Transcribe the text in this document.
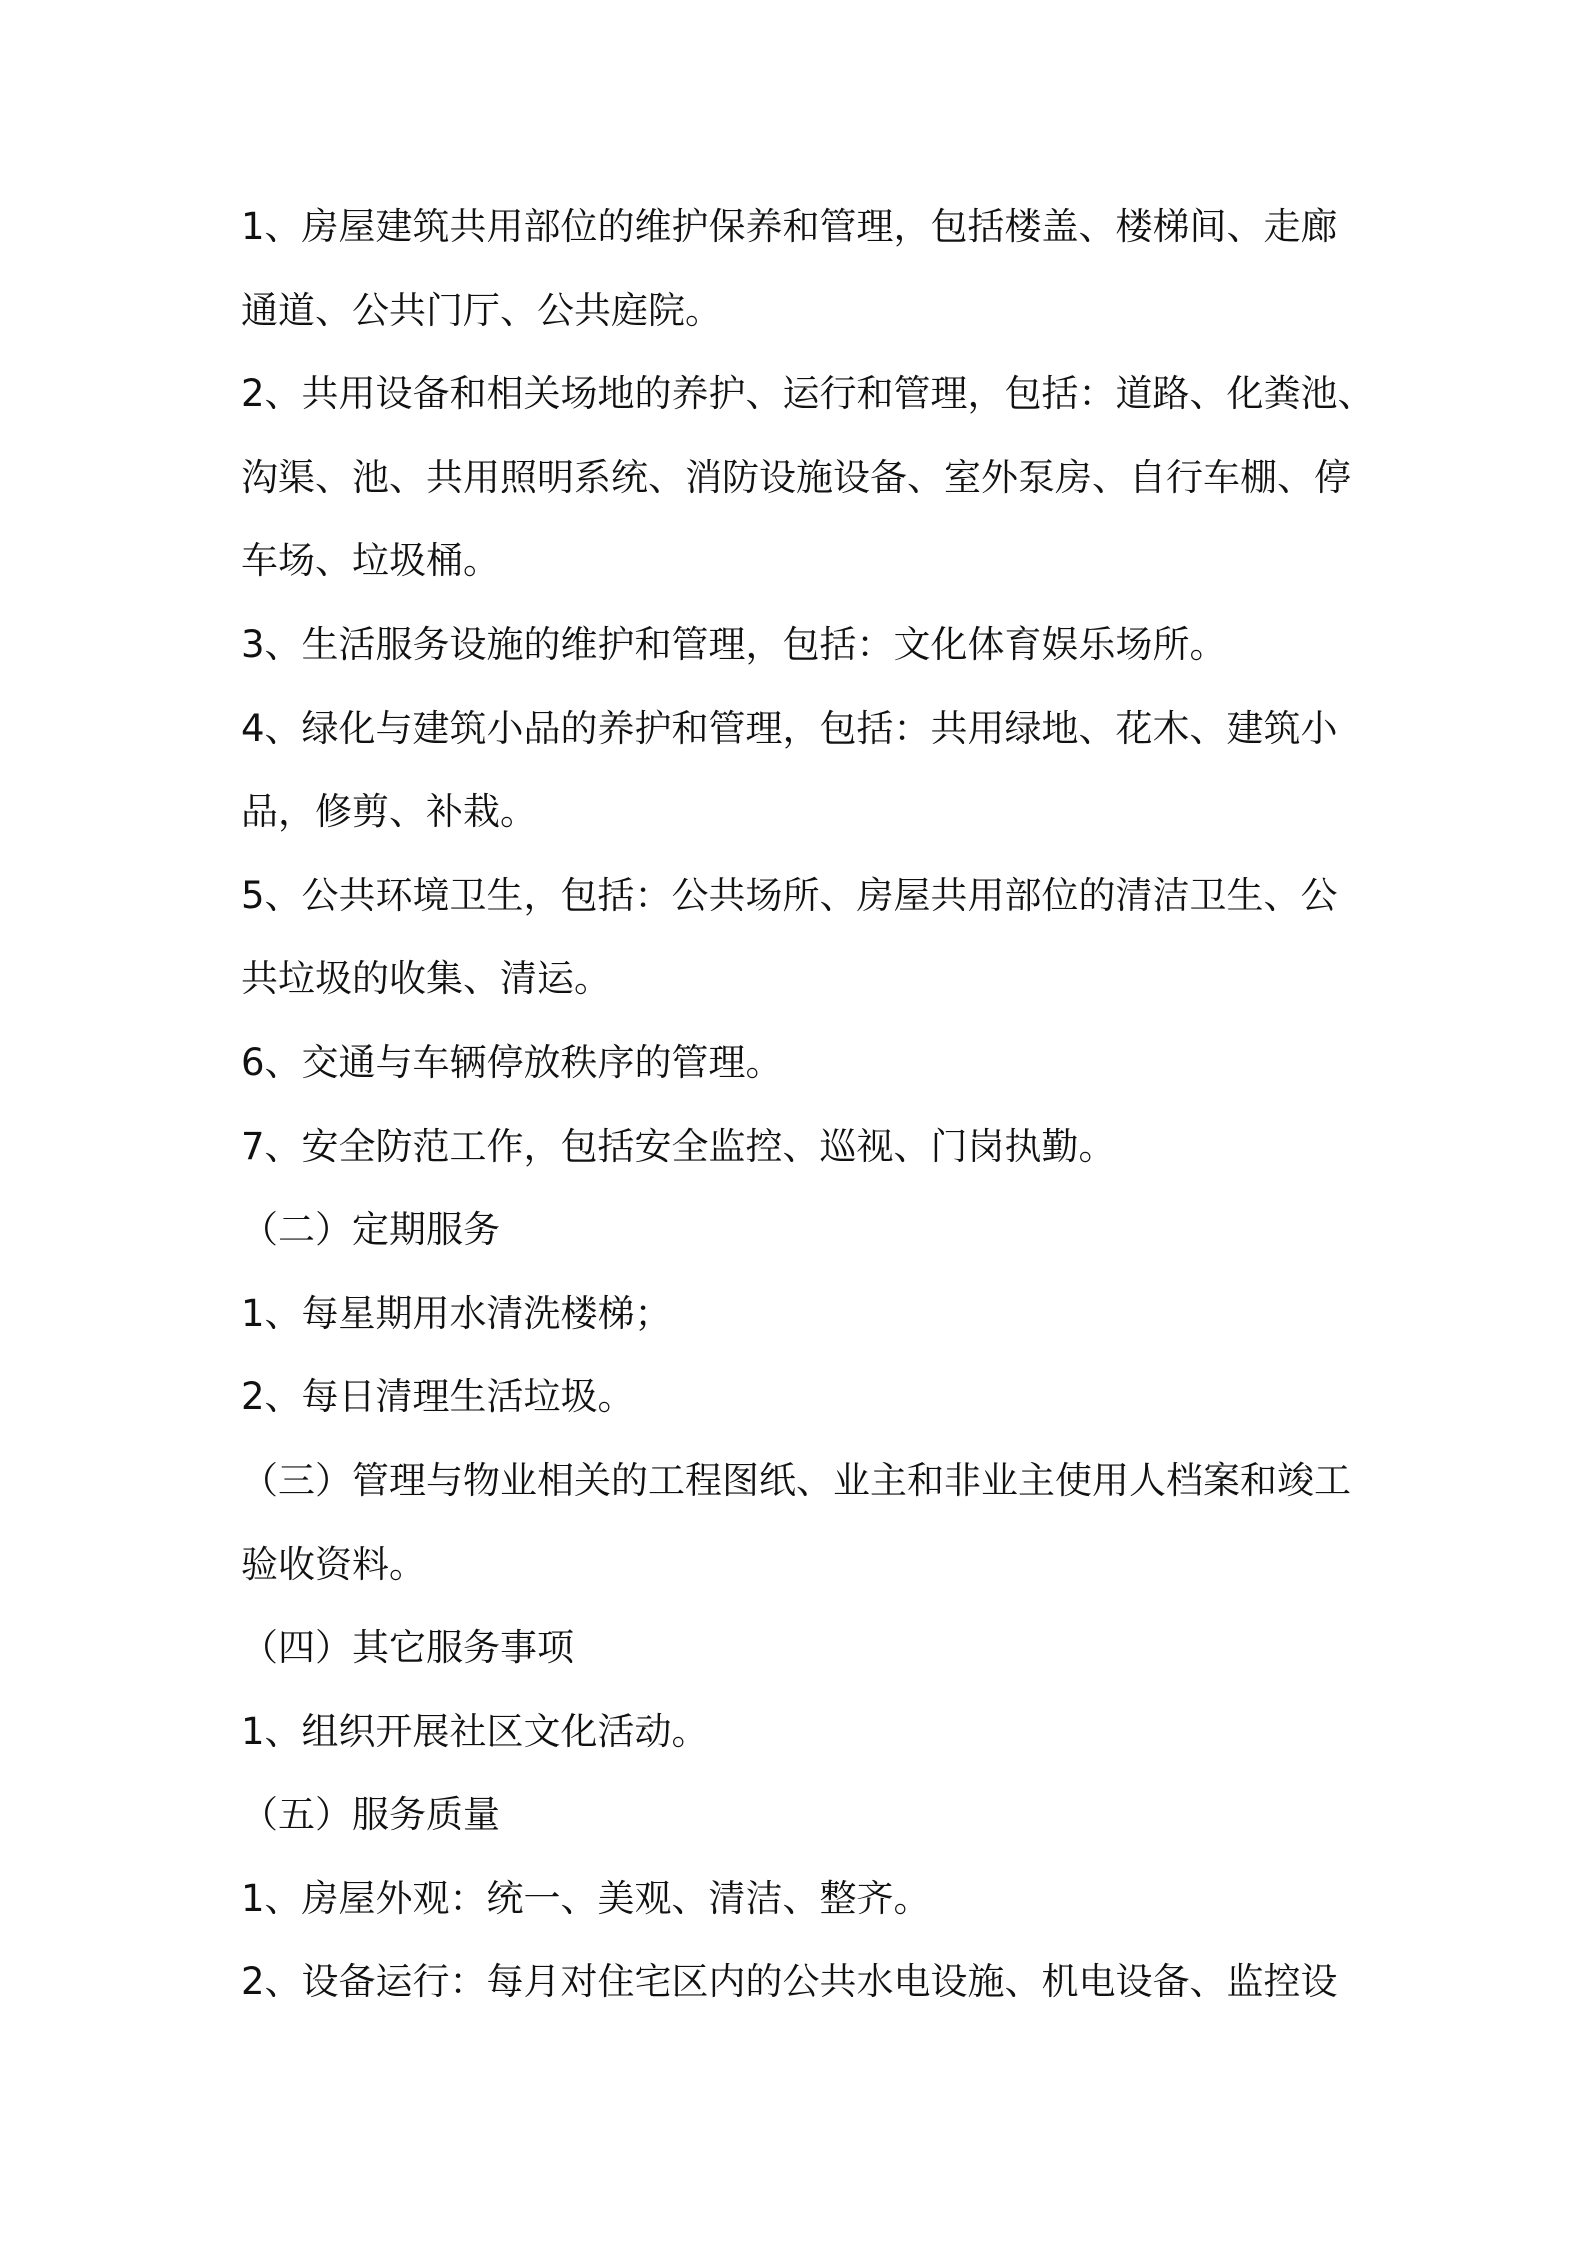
1、房屋建筑共用部位的维护保养和管理，包括楼盖、楼梯间、走廊
通道、公共门厅、公共庭院。
2、共用设备和相关场地的养护、运行和管理，包括：道路、化粪池、
沟渠、池、共用照明系统、消防设施设备、室外泵房、自行车棚、停
车场、垃圾桶。
3、生活服务设施的维护和管理，包括：文化体育娱乐场所。
4、绿化与建筑小品的养护和管理，包括：共用绿地、花木、建筑小
品，修剪、补栽。
5、公共环境卫生，包括：公共场所、房屋共用部位的清洁卫生、公
共垃圾的收集、清运。
6、交通与车辆停放秩序的管理。
7、安全防范工作，包括安全监控、巡视、门岗执勤。
（二）定期服务
1、每星期用水清洗楼梯；
2、每日清理生活垃圾。
（三）管理与物业相关的工程图纸、业主和非业主使用人档案和竣工
验收资料。
（四）其它服务事项
1、组织开展社区文化活动。
（五）服务质量
1、房屋外观：统一、美观、清洁、整齐。
2、设备运行：每月对住宅区内的公共水电设施、机电设备、监控设
